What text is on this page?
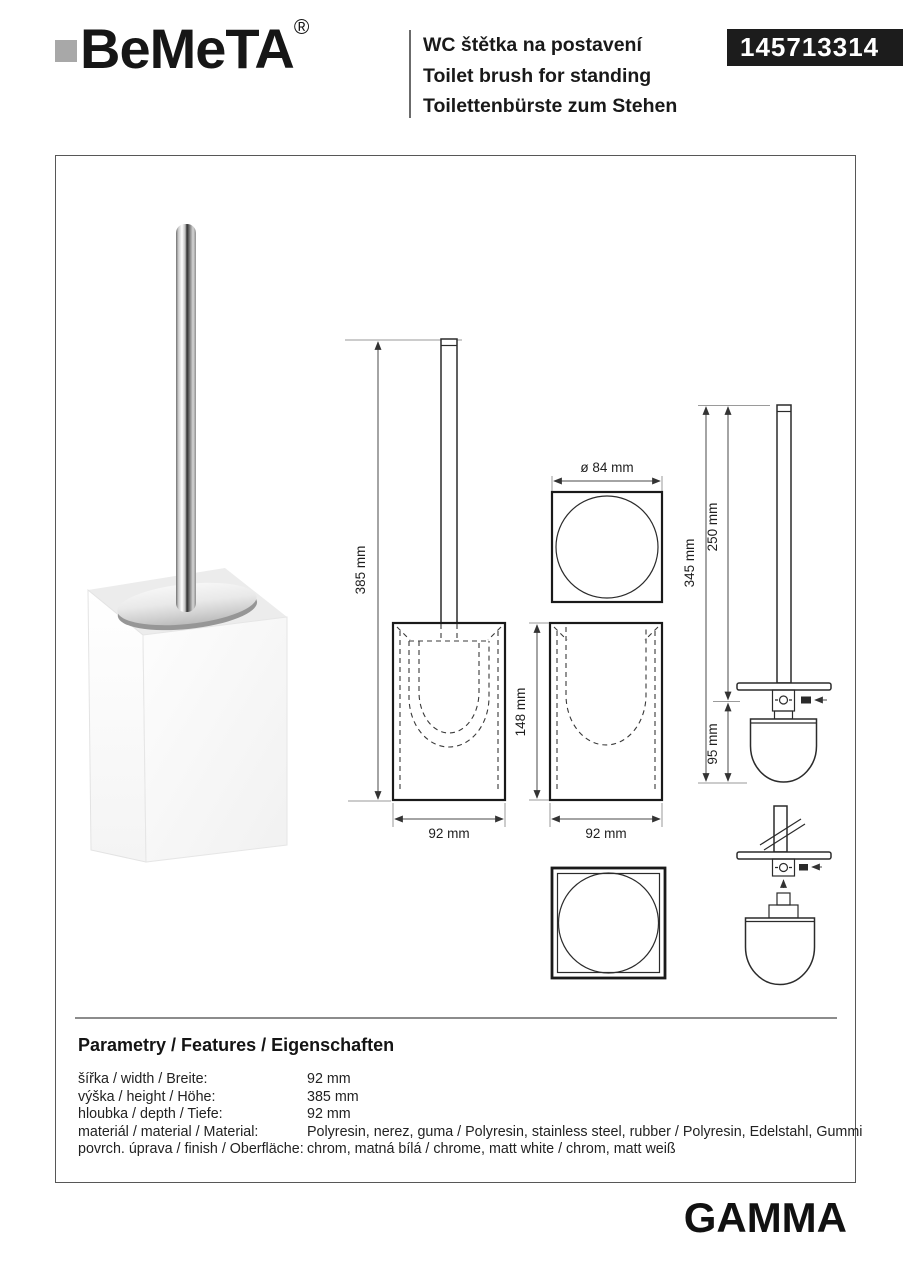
BeMeTA®
WC štětka na postavení
Toilet brush for standing
Toilettenbürste zum Stehen
145713314
385 mm
92 mm
ø 84 mm
148 mm
92 mm
345 mm
250 mm
95 mm
Parametry / Features / Eigenschaften
šířka / width / Breite:	92 mm
výška / height / Höhe:	385 mm
hloubka / depth / Tiefe:	92 mm
materiál / material / Material:	Polyresin, nerez, guma / Polyresin, stainless steel, rubber / Polyresin, Edelstahl, Gummi
povrch. úprava / finish / Oberfläche: chrom, matná bílá / chrome, matt white / chrom, matt weiß
GAMMA
